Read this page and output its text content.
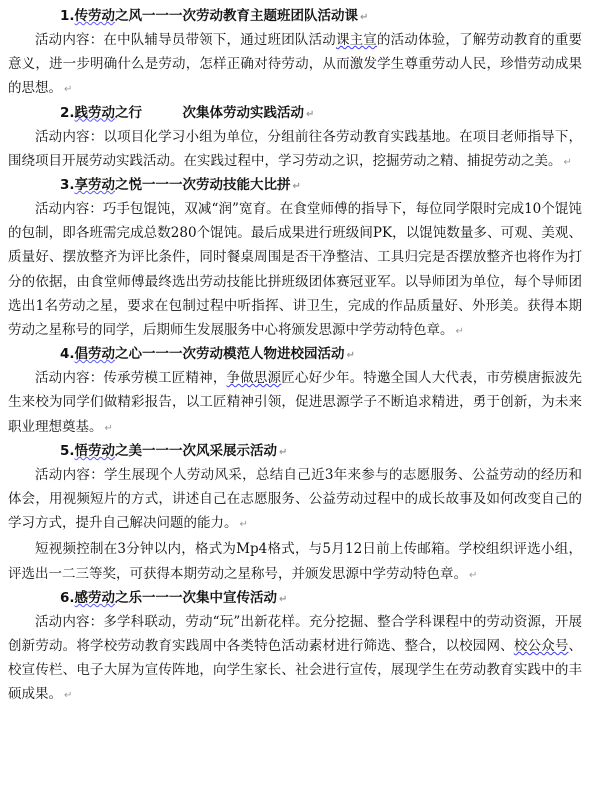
1.传劳动之风一一一次劳动教育主题班团队活动课 ↵

活动内容：在中队辅导员带领下，通过班团队活动课主宣的活动体验，了解劳动教育的重要意义，进一步明确什么是劳动，怎样正确对待劳动，从而激发学生尊重劳动人民，珍惜劳动成果的思想。 ↵

2.践劳动之行　　　次集体劳动实践活动 ↵

活动内容：以项目化学习小组为单位，分组前往各劳动教育实践基地。在项目老师指导下，围绕项目开展劳动实践活动。在实践过程中，学习劳动之识，挖掘劳动之精、捕捉劳动之美。 ↵

3.享劳动之悦一一一次劳动技能大比拼 ↵

活动内容：巧手包馄饨，双减“润”宽育。在食堂师傅的指导下，每位同学限时完成10个馄饨的包制，即各班需完成总数280个馄饨。最后成果进行班级间PK，以馄饨数量多、可观、美观、质量好、摆放整齐为评比条件，同时餐桌周围是否干净整洁、工具归完是否摆放整齐也将作为打分的依据，由食堂师傅最终选出劳动技能比拼班级团体赛冠亚军。以导师团为单位，每个导师团选出1名劳动之星，要求在包制过程中听指挥、讲卫生，完成的作品质量好、外形美。获得本期劳动之星称号的同学，后期师生发展服务中心将颁发思源中学劳动特色章。 ↵

4.倡劳动之心一一一次劳动模范人物进校园活动 ↵

活动内容：传承劳模工匠精神，争做思源匠心好少年。特邀全国人大代表，市劳模唐振波先生来校为同学们做精彩报告，以工匠精神引领，促进思源学子不断追求精进，勇于创新，为未来职业理想奠基。 ↵

5.悟劳动之美一一一次风采展示活动 ↵

活动内容：学生展现个人劳动风采，总结自己近3年来参与的志愿服务、公益劳动的经历和体会，用视频短片的方式，讲述自己在志愿服务、公益劳动过程中的成长故事及如何改变自己的学习方式，提升自己解决问题的能力。 ↵

短视频控制在3分钟以内，格式为Mp4格式，与5月12日前上传邮箱。学校组织评选小组，评选出一二三等奖，可获得本期劳动之星称号，并颁发思源中学劳动特色章。 ↵

6.感劳动之乐一一一次集中宣传活动 ↵

活动内容：多学科联动，劳动“玩”出新花样。充分挖掘、整合学科课程中的劳动资源，开展创新劳动。将学校劳动教育实践周中各类特色活动素材进行筛选、整合，以校园网、校公众号、校宣传栏、电子大屏为宣传阵地，向学生家长、社会进行宣传，展现学生在劳动教育实践中的丰硕成果。 ↵
